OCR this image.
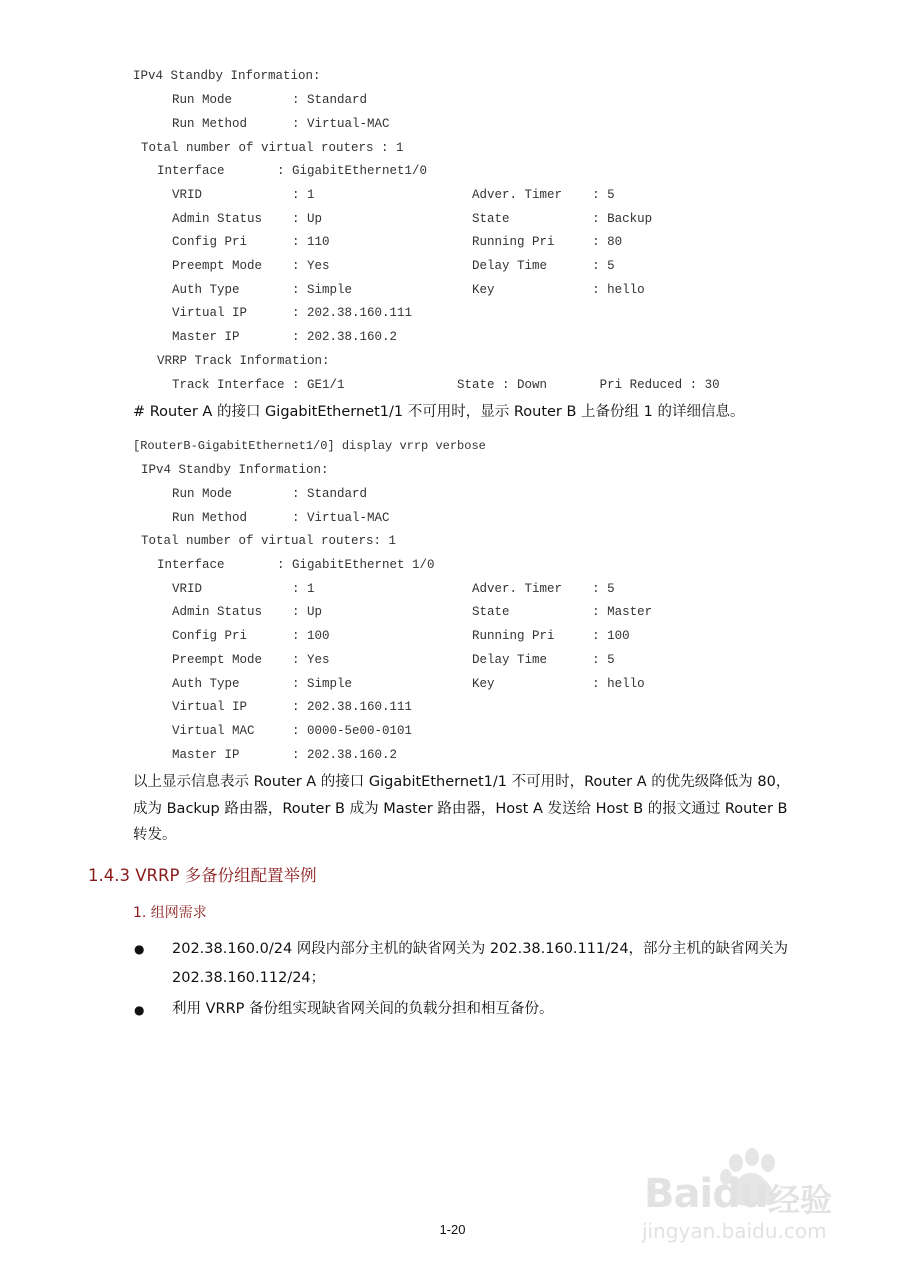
IPv4 Standby Information:
Run Mode        : Standard
Run Method      : Virtual-MAC
Total number of virtual routers : 1
Interface       : GigabitEthernet1/0
VRID            : 1                     Adver. Timer    : 5
Admin Status    : Up                    State           : Backup
Config Pri      : 110                   Running Pri     : 80
Preempt Mode    : Yes                   Delay Time      : 5
Auth Type       : Simple                Key             : hello
Virtual IP      : 202.38.160.111
Master IP       : 202.38.160.2
VRRP Track Information:
Track Interface : GE1/1               State : Down       Pri Reduced : 30
# Router A 的接口 GigabitEthernet1/1 不可用时，显示 Router B 上备份组 1 的详细信息。
[RouterB-GigabitEthernet1/0] display vrrp verbose
IPv4 Standby Information:
Run Mode        : Standard
Run Method      : Virtual-MAC
Total number of virtual routers: 1
Interface       : GigabitEthernet 1/0
VRID            : 1                     Adver. Timer    : 5
Admin Status    : Up                    State           : Master
Config Pri      : 100                   Running Pri     : 100
Preempt Mode    : Yes                   Delay Time      : 5
Auth Type       : Simple                Key             : hello
Virtual IP      : 202.38.160.111
Virtual MAC     : 0000-5e00-0101
Master IP       : 202.38.160.2
以上显示信息表示 Router A 的接口 GigabitEthernet1/1 不可用时，Router A 的优先级降低为 80，
成为 Backup 路由器，Router B 成为 Master 路由器，Host A 发送给 Host B 的报文通过 Router B
转发。
1.4.3 VRRP 多备份组配置举例
1. 组网需求
● 202.38.160.0/24 网段内部分主机的缺省网关为 202.38.160.111/24，部分主机的缺省网关为
202.38.160.112/24；
● 利用 VRRP 备份组实现缺省网关间的负载分担和相互备份。
1-20
Baidu 经验
jingyan.baidu.com
